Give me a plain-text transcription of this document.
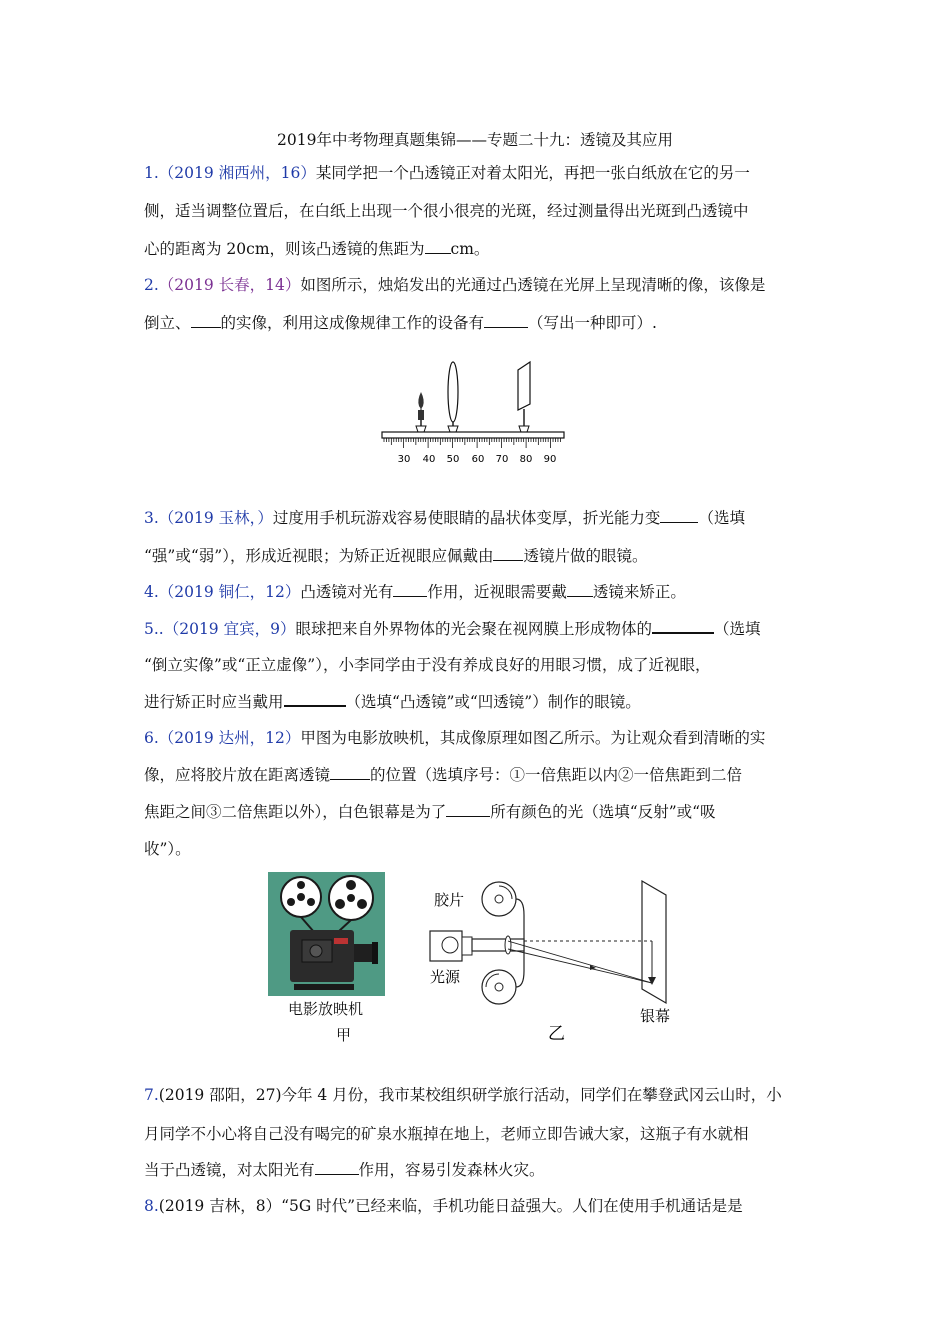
2019年中考物理真题集锦——专题二十九：透镜及其应用
1.（2019 湘西州，16）某同学把一个凸透镜正对着太阳光，再把一张白纸放在它的另一
侧，适当调整位置后，在白纸上出现一个很小很亮的光斑，经过测量得出光斑到凸透镜中
心的距离为 20cm，则该凸透镜的焦距为 cm。
2.（2019 长春，14）如图所示，烛焰发出的光通过凸透镜在光屏上呈现清晰的像，该像是
倒立、 的实像，利用这成像规律工作的设备有	（写出一种即可）.
30 40 50 60 70 80 90
3.（2019 玉林，）过度用手机玩游戏容易使眼睛的晶状体变厚，折光能力变 （选填
“强”或“弱”），形成近视眼；为矫正近视眼应佩戴由 透镜片做的眼镜。
4.（2019 铜仁，12）凸透镜对光有 作用，近视眼需要戴 透镜来矫正。
5..（2019 宜宾，9）眼球把来自外界物体的光会聚在视网膜上形成物体的	（选填
“倒立实像”或“正立虚像”），小李同学由于没有养成良好的用眼习惯，成了近视眼，
进行矫正时应当戴用	（选填“凸透镜”或“凹透镜”）制作的眼镜。
6.（2019 达州，12）甲图为电影放映机，其成像原理如图乙所示。为让观众看到清晰的实
像，应将胶片放在距离透镜	的位置（选填序号：①一倍焦距以内②一倍焦距到二倍
焦距之间③二倍焦距以外），白色银幕是为了	所有颜色的光（选填“反射”或“吸
收”）。
电影放映机
甲
胶片
光源
银幕
乙
7.(2019 邵阳，27)今年 4 月份，我市某校组织研学旅行活动，同学们在攀登武冈云山时，小
月同学不小心将自己没有喝完的矿泉水瓶掉在地上，老师立即告诫大家，这瓶子有水就相
当于凸透镜，对太阳光有	作用，容易引发森林火灾。
8.(2019 吉林，8）“5G 时代”已经来临，手机功能日益强大。人们在使用手机通话是是
